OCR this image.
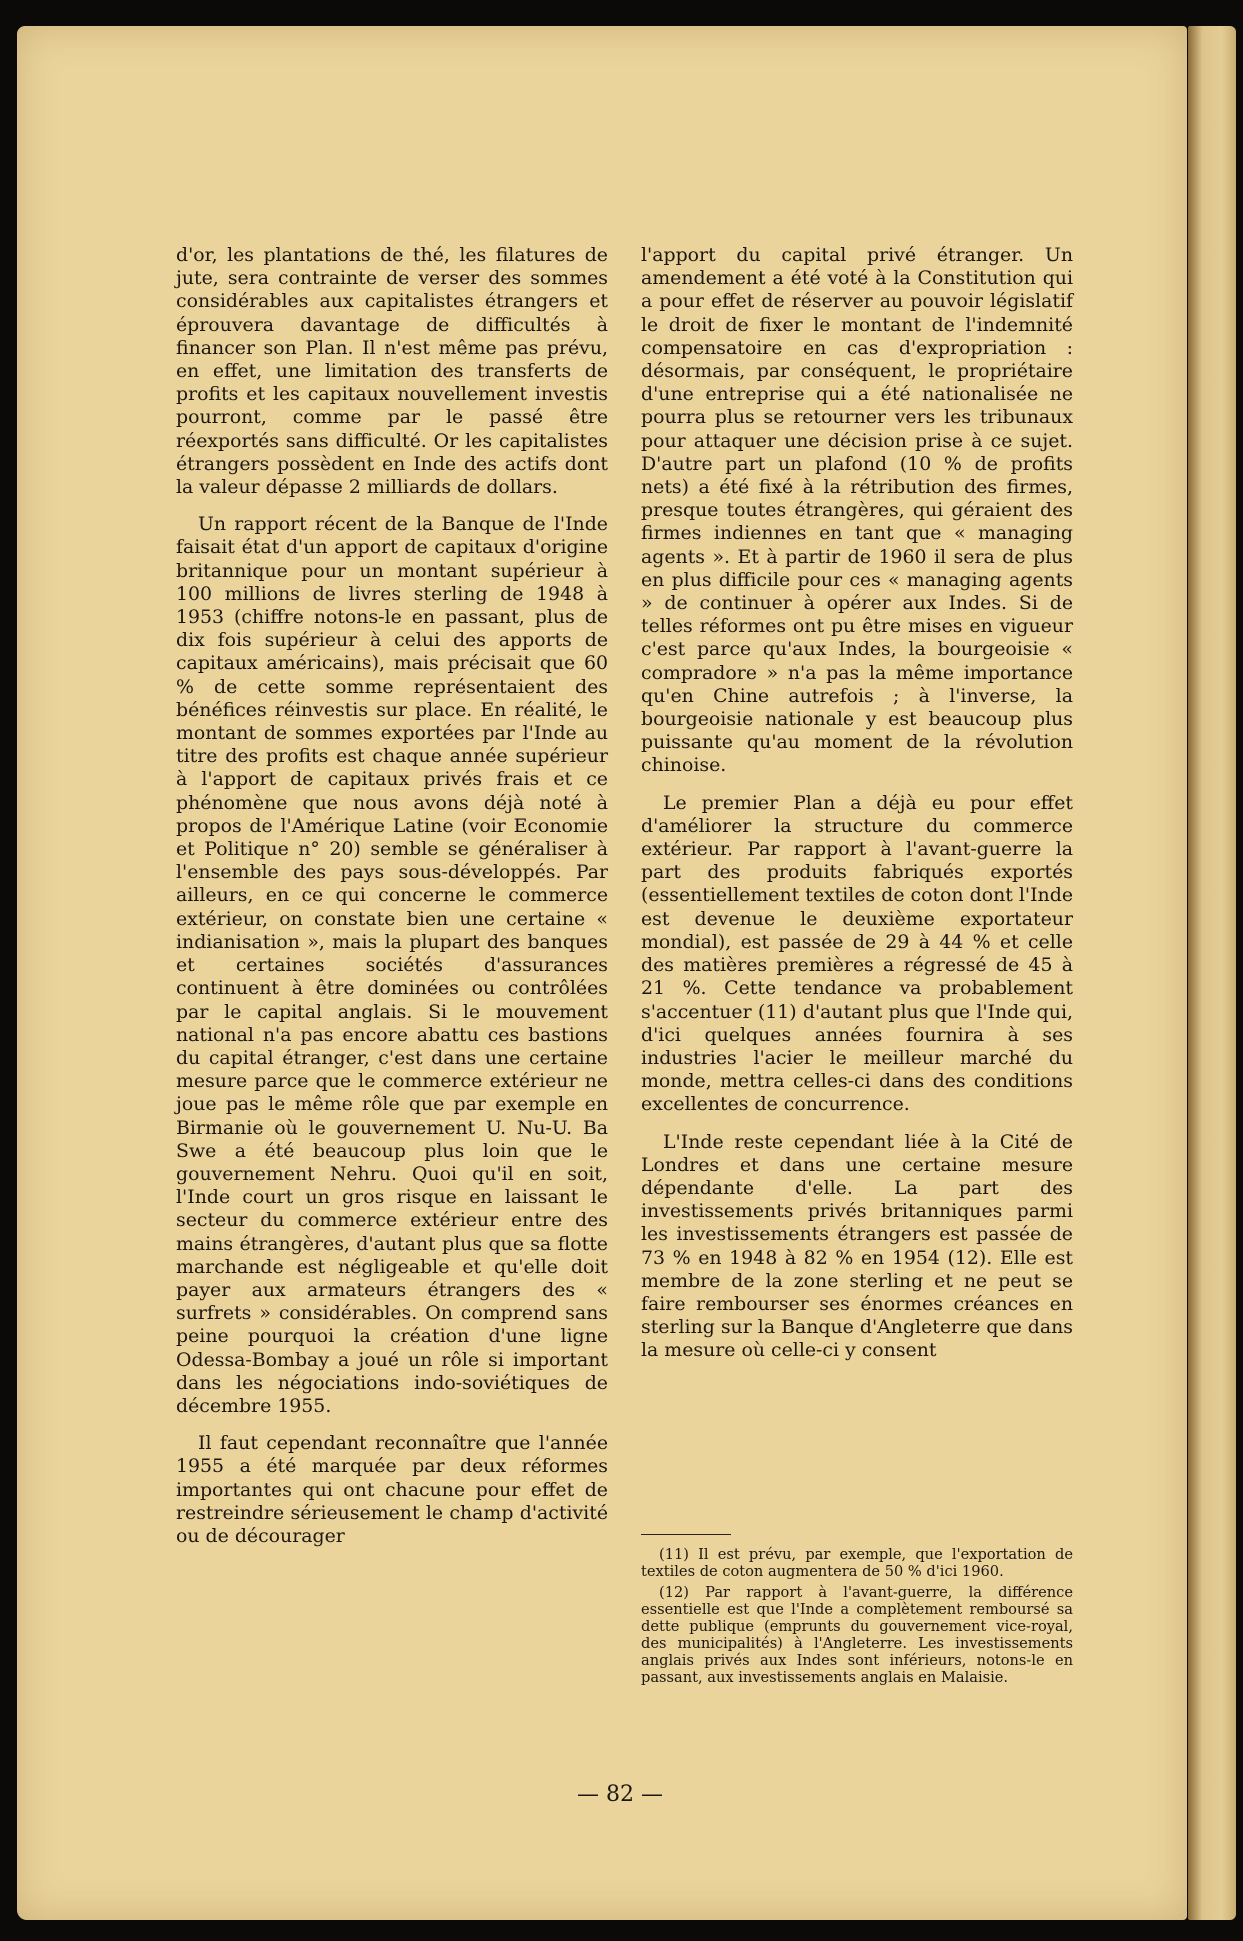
d'or, les plantations de thé, les filatures de jute, sera contrainte de verser des sommes considérables aux capitalistes étrangers et éprouvera davantage de difficultés à financer son Plan. Il n'est même pas prévu, en effet, une limitation des transferts de profits et les capitaux nouvellement investis pourront, comme par le passé être réexportés sans difficulté. Or les capitalistes étrangers possèdent en Inde des actifs dont la valeur dépasse 2 milliards de dollars.

Un rapport récent de la Banque de l'Inde faisait état d'un apport de capitaux d'origine britannique pour un montant supérieur à 100 millions de livres sterling de 1948 à 1953 (chiffre notons-le en passant, plus de dix fois supérieur à celui des apports de capitaux américains), mais précisait que 60 % de cette somme représentaient des bénéfices réinvestis sur place. En réalité, le montant de sommes exportées par l'Inde au titre des profits est chaque année supérieur à l'apport de capitaux privés frais et ce phénomène que nous avons déjà noté à propos de l'Amérique Latine (voir Economie et Politique n° 20) semble se généraliser à l'ensemble des pays sous-développés. Par ailleurs, en ce qui concerne le commerce extérieur, on constate bien une certaine « indianisation », mais la plupart des banques et certaines sociétés d'assurances continuent à être dominées ou contrôlées par le capital anglais. Si le mouvement national n'a pas encore abattu ces bastions du capital étranger, c'est dans une certaine mesure parce que le commerce extérieur ne joue pas le même rôle que par exemple en Birmanie où le gouvernement U. Nu-U. Ba Swe a été beaucoup plus loin que le gouvernement Nehru. Quoi qu'il en soit, l'Inde court un gros risque en laissant le secteur du commerce extérieur entre des mains étrangères, d'autant plus que sa flotte marchande est négligeable et qu'elle doit payer aux armateurs étrangers des « surfrets » considérables. On comprend sans peine pourquoi la création d'une ligne Odessa-Bombay a joué un rôle si important dans les négociations indo-soviétiques de décembre 1955.

Il faut cependant reconnaître que l'année 1955 a été marquée par deux réformes importantes qui ont chacune pour effet de restreindre sérieusement le champ d'activité ou de décourager

l'apport du capital privé étranger. Un amendement a été voté à la Constitution qui a pour effet de réserver au pouvoir législatif le droit de fixer le montant de l'indemnité compensatoire en cas d'expropriation : désormais, par conséquent, le propriétaire d'une entreprise qui a été nationalisée ne pourra plus se retourner vers les tribunaux pour attaquer une décision prise à ce sujet. D'autre part un plafond (10 % de profits nets) a été fixé à la rétribution des firmes, presque toutes étrangères, qui géraient des firmes indiennes en tant que « managing agents ». Et à partir de 1960 il sera de plus en plus difficile pour ces « managing agents » de continuer à opérer aux Indes. Si de telles réformes ont pu être mises en vigueur c'est parce qu'aux Indes, la bourgeoisie « compradore » n'a pas la même importance qu'en Chine autrefois ; à l'inverse, la bourgeoisie nationale y est beaucoup plus puissante qu'au moment de la révolution chinoise.

Le premier Plan a déjà eu pour effet d'améliorer la structure du commerce extérieur. Par rapport à l'avant-guerre la part des produits fabriqués exportés (essentiellement textiles de coton dont l'Inde est devenue le deuxième exportateur mondial), est passée de 29 à 44 % et celle des matières premières a régressé de 45 à 21 %. Cette tendance va probablement s'accentuer (11) d'autant plus que l'Inde qui, d'ici quelques années fournira à ses industries l'acier le meilleur marché du monde, mettra celles-ci dans des conditions excellentes de concurrence.

L'Inde reste cependant liée à la Cité de Londres et dans une certaine mesure dépendante d'elle. La part des investissements privés britanniques parmi les investissements étrangers est passée de 73 % en 1948 à 82 % en 1954 (12). Elle est membre de la zone sterling et ne peut se faire rembourser ses énormes créances en sterling sur la Banque d'Angleterre que dans la mesure où celle-ci y consent

(11) Il est prévu, par exemple, que l'exportation de textiles de coton augmentera de 50 % d'ici 1960.

(12) Par rapport à l'avant-guerre, la différence essentielle est que l'Inde a complètement remboursé sa dette publique (emprunts du gouvernement vice-royal, des municipalités) à l'Angleterre. Les investissements anglais privés aux Indes sont inférieurs, notons-le en passant, aux investissements anglais en Malaisie.

— 82 —
